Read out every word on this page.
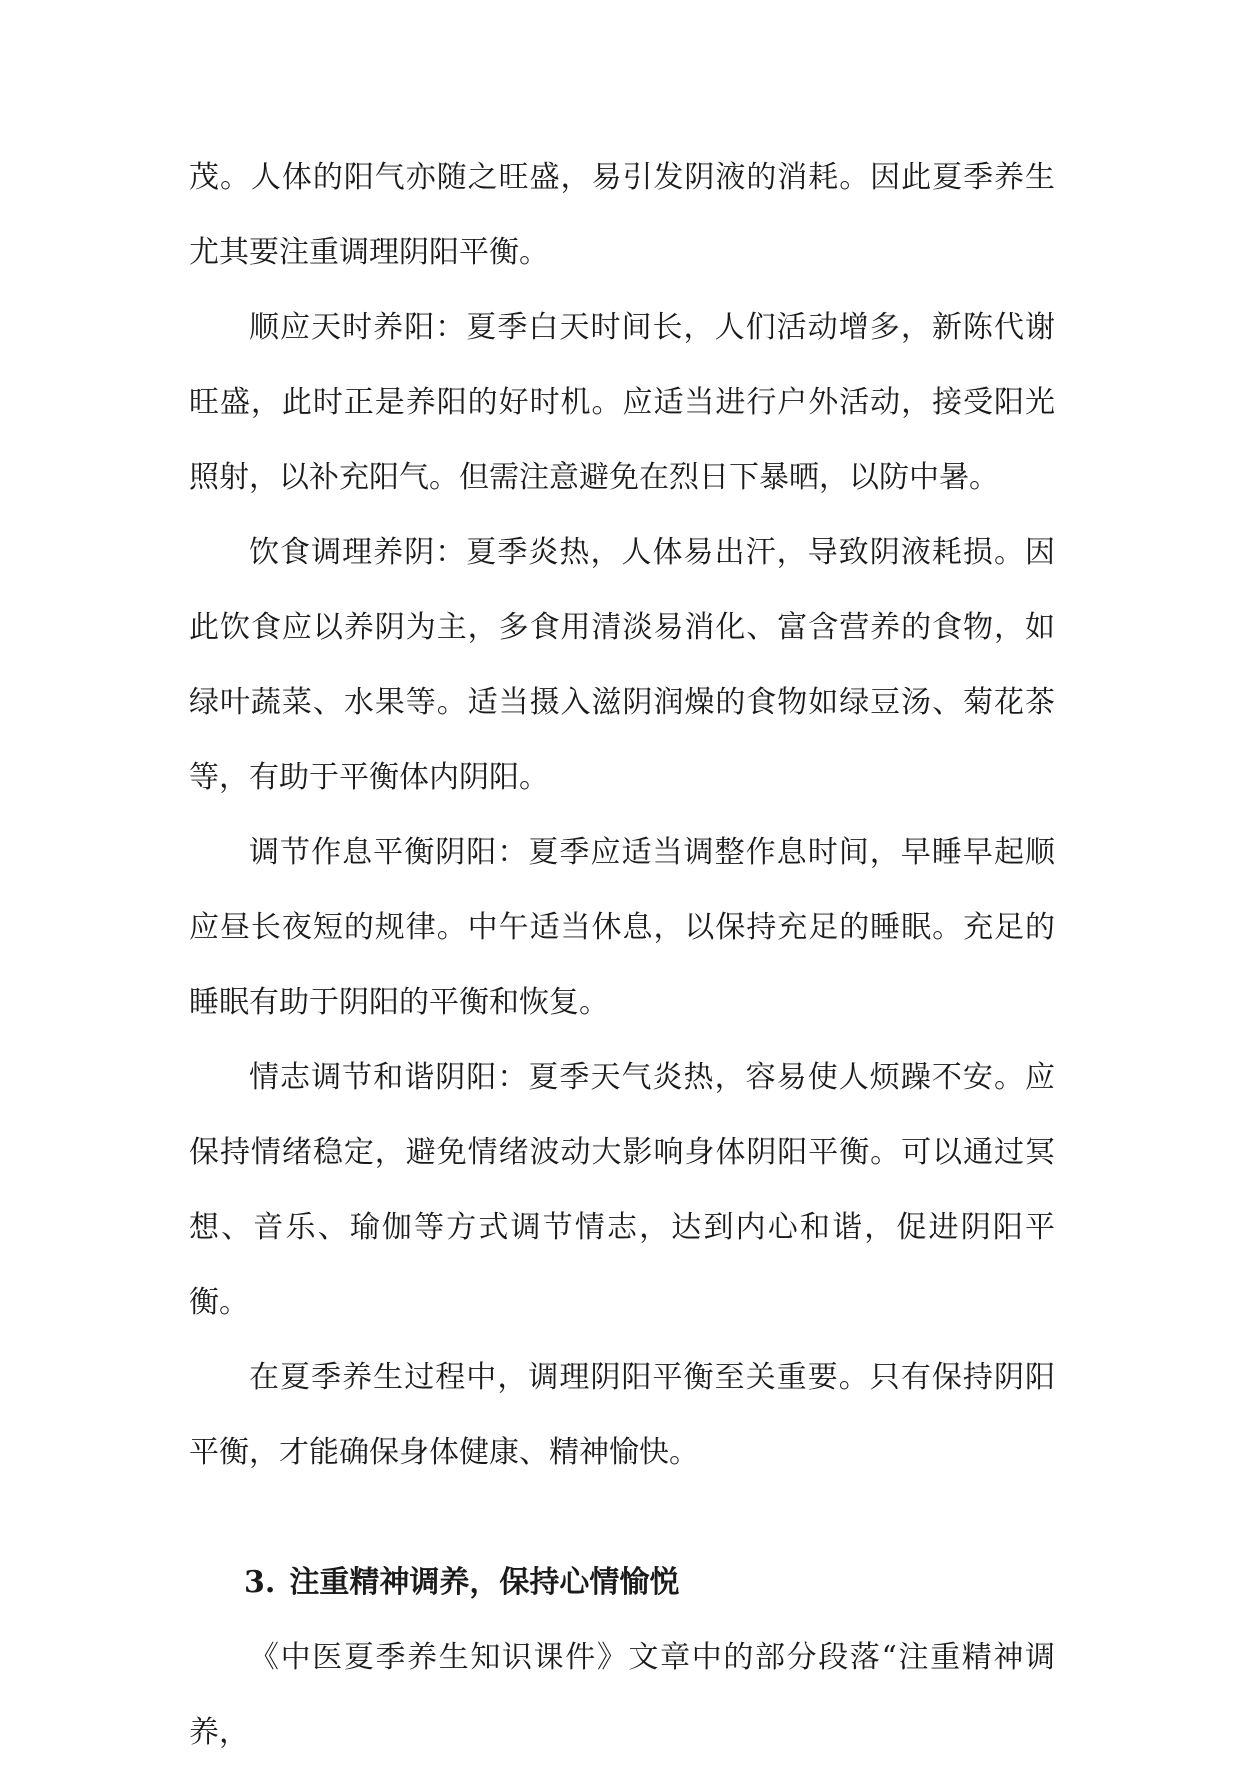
茂。人体的阳气亦随之旺盛，易引发阴液的消耗。因此夏季养生尤其要注重调理阴阳平衡。

顺应天时养阳：夏季白天时间长，人们活动增多，新陈代谢旺盛，此时正是养阳的好时机。应适当进行户外活动，接受阳光照射，以补充阳气。但需注意避免在烈日下暴晒，以防中暑。

饮食调理养阴：夏季炎热，人体易出汗，导致阴液耗损。因此饮食应以养阴为主，多食用清淡易消化、富含营养的食物，如绿叶蔬菜、水果等。适当摄入滋阴润燥的食物如绿豆汤、菊花茶等，有助于平衡体内阴阳。

调节作息平衡阴阳：夏季应适当调整作息时间，早睡早起顺应昼长夜短的规律。中午适当休息，以保持充足的睡眠。充足的睡眠有助于阴阳的平衡和恢复。

情志调节和谐阴阳：夏季天气炎热，容易使人烦躁不安。应保持情绪稳定，避免情绪波动大影响身体阴阳平衡。可以通过冥想、音乐、瑜伽等方式调节情志，达到内心和谐，促进阴阳平衡。

在夏季养生过程中，调理阴阳平衡至关重要。只有保持阴阳平衡，才能确保身体健康、精神愉快。

3. 注重精神调养，保持心情愉悦

《中医夏季养生知识课件》文章中的部分段落“注重精神调养，
